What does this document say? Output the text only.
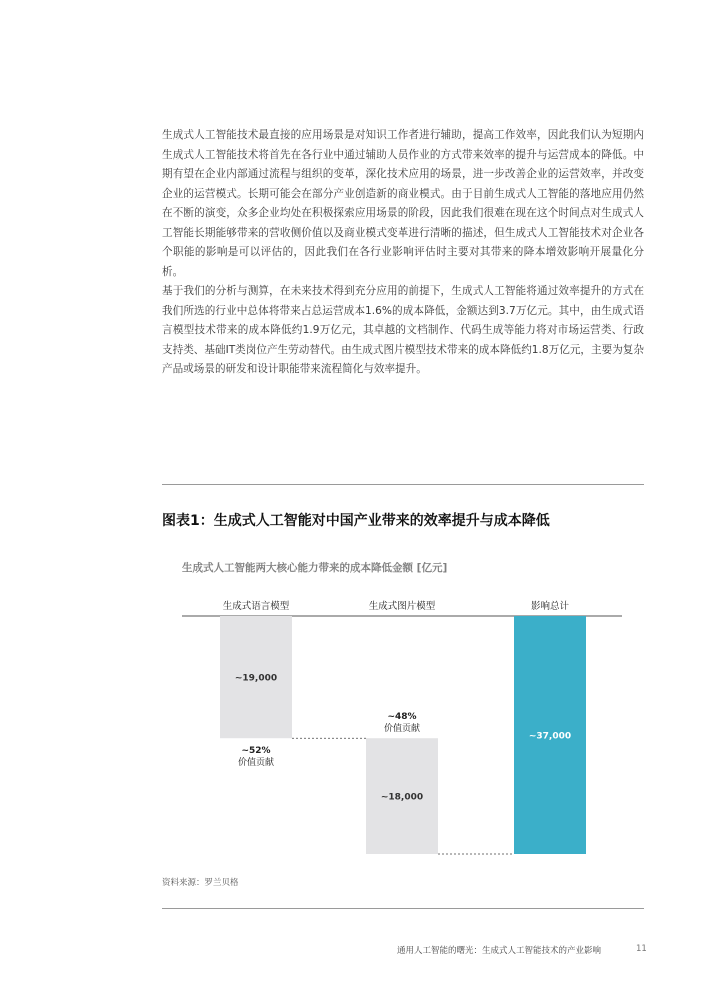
生成式人工智能技术最直接的应用场景是对知识工作者进行辅助，提高工作效率，因此我们认为短期内生成式人工智能技术将首先在各行业中通过辅助人员作业的方式带来效率的提升与运营成本的降低。中期有望在企业内部通过流程与组织的变革，深化技术应用的场景，进一步改善企业的运营效率，并改变企业的运营模式。长期可能会在部分产业创造新的商业模式。由于目前生成式人工智能的落地应用仍然在不断的演变，众多企业均处在积极探索应用场景的阶段，因此我们很难在现在这个时间点对生成式人工智能长期能够带来的营收侧价值以及商业模式变革进行清晰的描述，但生成式人工智能技术对企业各个职能的影响是可以评估的，因此我们在各行业影响评估时主要对其带来的降本增效影响开展量化分析。

基于我们的分析与测算，在未来技术得到充分应用的前提下，生成式人工智能将通过效率提升的方式在我们所选的行业中总体将带来占总运营成本1.6%的成本降低，金额达到3.7万亿元。其中，由生成式语言模型技术带来的成本降低约1.9万亿元，其卓越的文档制作、代码生成等能力将对市场运营类、行政支持类、基础IT类岗位产生劳动替代。由生成式图片模型技术带来的成本降低约1.8万亿元，主要为复杂产品或场景的研发和设计职能带来流程简化与效率提升。

图表1：生成式人工智能对中国产业带来的效率提升与成本降低
生成式人工智能两大核心能力带来的成本降低金额 [亿元]
生成式语言模型	生成式图片模型	影响总计
~19,000
~18,000
~37,000
~52%
价值贡献
~48%
价值贡献
资料来源：罗兰贝格
通用人工智能的曙光：生成式人工智能技术的产业影响	11
